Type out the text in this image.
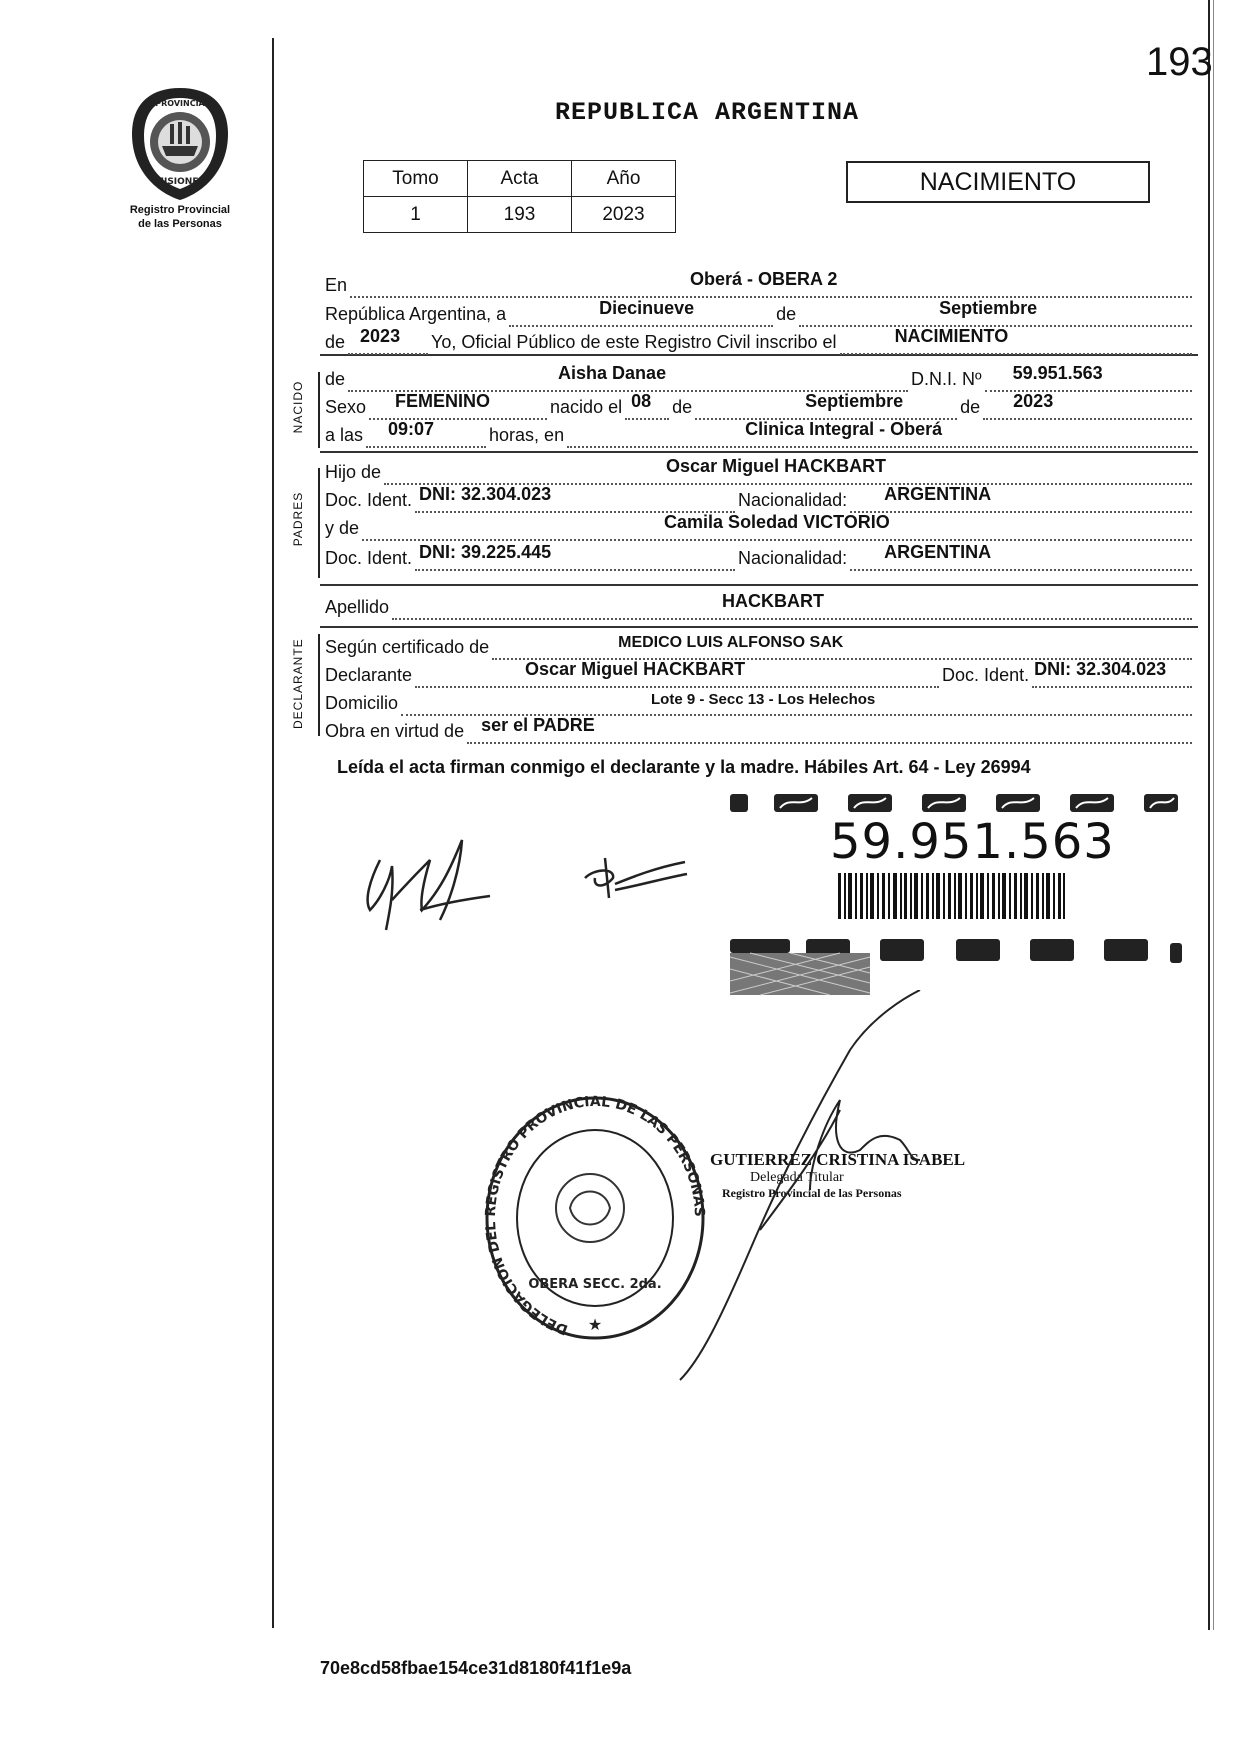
193
PROVINCIA
MISIONES
Registro Provincial
de las Personas
REPUBLICA ARGENTINA
Tomo	Acta	Año
1	193	2023
NACIMIENTO
NACIDO
PADRES
DECLARANTE
En	Oberá - OBERA 2
República Argentina, a	Diecinueve	de	Septiembre
de 2023 Yo, Oficial Público de este Registro Civil inscribo el	NACIMIENTO
de	Aisha Danae	D.N.I. Nº 59.951.563
Sexo FEMENINO	nacido el 08 de	Septiembre	de 2023
a las 09:07	horas, en	Clinica Integral - Oberá
Hijo de	Oscar Miguel HACKBART
Doc. Ident. DNI: 32.304.023	Nacionalidad: ARGENTINA
y de	Camila Soledad VICTORIO
Doc. Ident. DNI: 39.225.445	Nacionalidad: ARGENTINA
Apellido	HACKBART
Según certificado de	MEDICO LUIS ALFONSO SAK
Declarante	Oscar Miguel HACKBART	Doc. Ident. DNI: 32.304.023
Domicilio	Lote 9 - Secc 13 - Los Helechos
Obra en virtud de ser el PADRE
Leída el acta firman conmigo el declarante y la madre. Hábiles Art. 64 - Ley 26994
59.951.563
DELEGACION DEL REGISTRO PROVINCIAL DE LAS PERSONAS
OBERA SECC. 2da.
★
GUTIERREZ CRISTINA ISABEL
Delegada Titular
Registro Provincial de las Personas
70e8cd58fbae154ce31d8180f41f1e9a
